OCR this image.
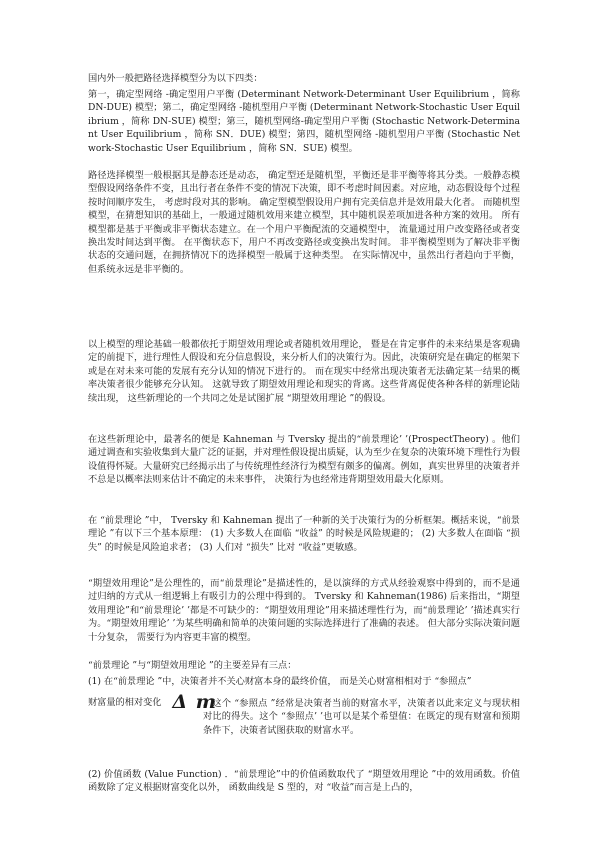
国内外一般把路径选择模型分为以下四类：

第一，确定型网络 -确定型用户平衡 (Determinant Network-Determinant User Equilibrium ，简称 DN-DUE) 模型；第二，确定型网络 -随机型用户平衡 (Determinant Network-Stochastic User Equilibrium ，简称 DN-SUE) 模型；第三，随机型网络-确定型用户平衡 (Stochastic Network-Determinant User Equilibrium ，简称 SN．DUE) 模型；第四，随机型网络 -随机型用户平衡 (Stochastic Network-Stochastic User Equilibrium ，简称 SN．SUE) 模型。

路径选择模型一般根据其是静态还是动态， 确定型还是随机型，平衡还是非平衡等将其分类。一般静态模型假设网络条件不变，且出行者在条件不变的情况下决策，即不考虑时间因素。对应地，动态假设每个过程按时间顺序发生， 考虑时段对其的影响。 确定型模型假设用户拥有完美信息并是效用最大化者。 而随机型模型，在猜想知识的基础上，一般通过随机效用来建立模型，其中随机误差项加进各种方案的效用。 所有模型都是基于平衡或非平衡状态建立。在一个用户平衡配流的交通模型中， 流量通过用户改变路径或者变换出发时间达到平衡。 在平衡状态下，用户不再改变路径或变换出发时间。 非平衡模型则为了解决非平衡状态的交通问题，在拥挤情况下的选择模型一般属于这种类型。 在实际情况中，虽然出行者趋向于平衡，但系统永远是非平衡的。

以上模型的理论基础一般都依托于期望效用理论或者随机效用理论， 暨是在肯定事件的未来结果是客观确定的前提下，进行理性人假设和充分信息假设，来分析人们的决策行为。因此，决策研究是在确定的框架下或是在对未来可能的发展有充分认知的情况下进行的。 而在现实中经常出现决策者无法确定某一结果的概率决策者很少能够充分认知。 这就导致了期望效用理论和现实的背离。这些背离促使各种各样的新理论陆续出现， 这些新理论的一个共同之处是试图扩展 “期望效用理论 ”的假设。

在这些新理论中，最著名的便是 Kahneman 与 Tversky 提出的“前景理论’ ’(ProspectTheory) 。他们通过调查和实验收集到大量广泛的证据，并对理性假设提出质疑，认为至少在复杂的决策环境下理性行为假设值得怀疑。大量研究已经揭示出了与传统理性经济行为模型有颇多的偏离。例如，真实世界里的决策者并不总是以概率法则来估计不确定的未来事件， 决策行为也经常违背期望效用最大化原则。

在 “前景理论 ”中， Tversky 和 Kahneman 提出了一种新的关于决策行为的分析框架。概括来说，“前景理论 ”有以下三个基本原理： (1) 大多数人在面临 “收益” 的时候是风险规避的； (2) 大多数人在面临 “损失” 的时候是风险追求者； (3) 人们对 “损失” 比对 “收益”更敏感。

“期望效用理论”是公理性的，而“前景理论”是描述性的，是以演绎的方式从经验观察中得到的，而不是通过归纳的方式从一组逻辑上有吸引力的公理中得到的。 Tversky 和 Kahneman(1986) 后来指出，“期望效用理论”和“前景理论’ ’都是不可缺少的：“期望效用理论”用来描述理性行为，而“前景理论’ ’描述真实行为。“期望效用理论’ ’为某些明确和简单的决策问题的实际选择进行了准确的表述。 但大部分实际决策问题十分复杂， 需要行为内容更丰富的模型。

“前景理论 ”与“期望效用理论 ”的主要差异有三点：

(1) 在“前景理论 ”中，决策者并不关心财富本身的最终价值， 而是关心财富相相对于 “参照点”

财富量的相对变化 Δ m

。这个 “参照点 ”经常是决策者当前的财富水平，决策者以此来定义与现状相对比的得失。这个 “参照点’ ’也可以是某个希望值：在既定的现有财富和预期条件下，决策者试图获取的财富水平。

(2) 价值函数 (Value Function) ．“前景理论”中的价值函数取代了 “期望效用理论 ”中的效用函数。价值函数除了定义根据财富变化以外， 函数曲线是 S 型的，对 “收益”而言是上凸的，
